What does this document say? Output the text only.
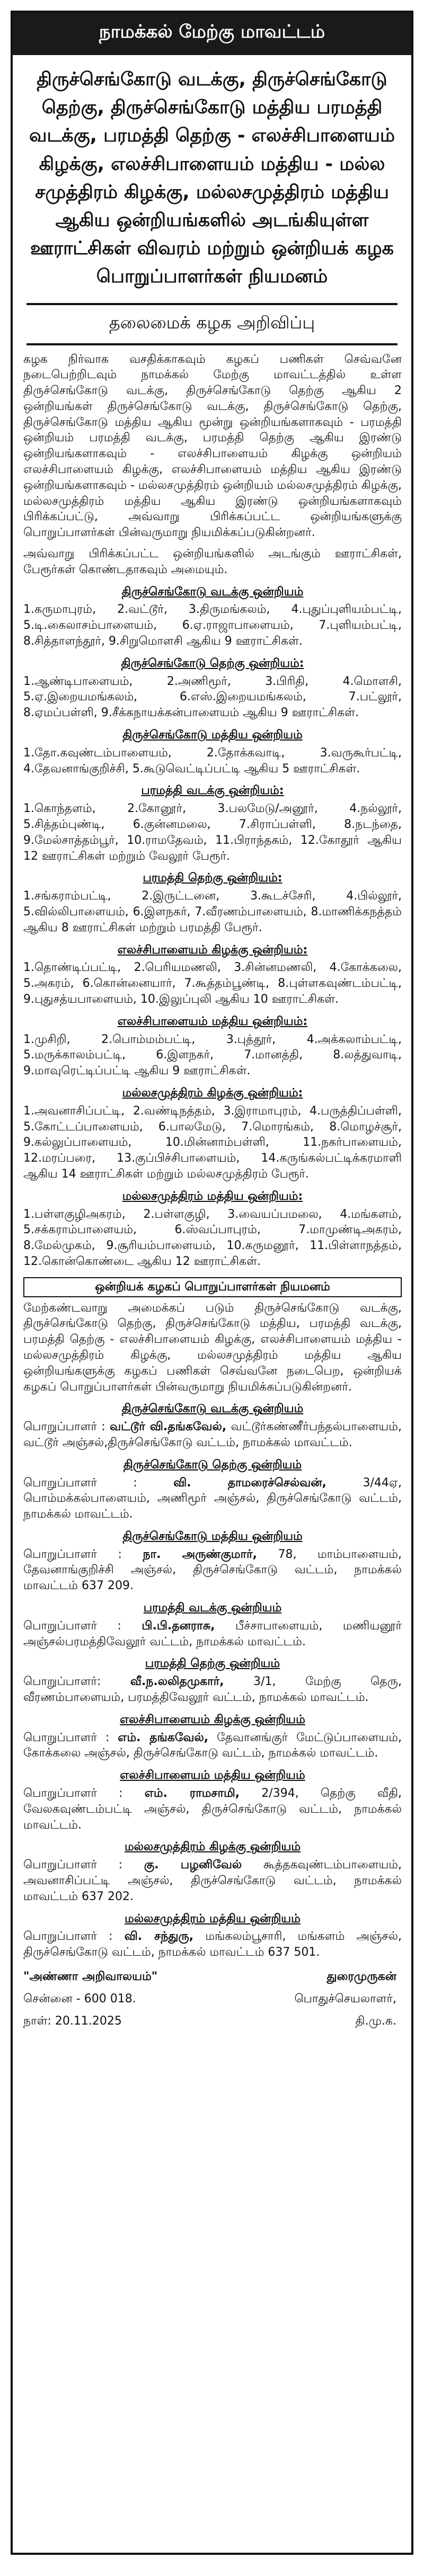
நாமக்கல் மேற்கு மாவட்டம்
திருச்செங்கோடு வடக்கு, திருச்செங்கோடு தெற்கு, திருச்செங்கோடு மத்திய பரமத்தி வடக்கு, பரமத்தி தெற்கு - எலச்சிபாளையம் கிழக்கு, எலச்சிபாளையம் மத்திய - மல்ல சமுத்திரம் கிழக்கு, மல்லசமுத்திரம் மத்திய ஆகிய ஒன்றியங்களில் அடங்கியுள்ள ஊராட்சிகள் விவரம் மற்றும் ஒன்றியக் கழக பொறுப்பாளர்கள் நியமனம்
தலைமைக் கழக அறிவிப்பு

கழக நிர்வாக வசதிக்காகவும் கழகப் பணிகள் செவ்வனே நடைபெற்றிடவும் நாமக்கல் மேற்கு மாவட்டத்தில் உள்ள திருச்செங்கோடு வடக்கு, திருச்செங்கோடு தெற்கு ஆகிய 2 ஒன்றியங்கள் திருச்செங்கோடு வடக்கு, திருச்செங்கோடு தெற்கு, திருச்செங்கோடு மத்திய ஆகிய மூன்று ஒன்றியங்களாகவும் - பரமத்தி ஒன்றியம் பரமத்தி வடக்கு, பரமத்தி தெற்கு ஆகிய இரண்டு ஒன்றியங்களாகவும் - எலச்சிபாளையம் கிழக்கு ஒன்றியம் எலச்சிபாளையம் கிழக்கு, எலச்சிபாளையம் மத்திய ஆகிய இரண்டு ஒன்றியங்களாகவும் - மல்லசமுத்திரம் ஒன்றியம் மல்லசமுத்திரம் கிழக்கு, மல்லசமுத்திரம் மத்திய ஆகிய இரண்டு ஒன்றியங்களாகவும் பிரிக்கப்பட்டு, அவ்வாறு பிரிக்கப்பட்ட ஒன்றியங்களுக்கு பொறுப்பாளர்கள் பின்வருமாறு நியமிக்கப்படுகின்றனர்.

அவ்வாறு பிரிக்கப்பட்ட ஒன்றியங்களில் அடங்கும் ஊராட்சிகள், பேரூர்கள் கொண்டதாகவும் அமையும்.

திருச்செங்கோடு வடக்கு ஒன்றியம்

1.கருமாபுரம், 2.வட்டூர், 3.திருமங்கலம், 4.புதுப்புளியம்பட்டி, 5.டி.கைலாசம்பாளையம், 6.ஏ.ராஜாபாளையம், 7.புளியம்பட்டி, 8.சித்தாளந்தூர், 9.சிறுமொளசி ஆகிய 9 ஊராட்சிகள்.

திருச்செங்கோடு தெற்கு ஒன்றியம்:

1.ஆண்டிபாளையம், 2.அணிமூர், 3.பிரிதி, 4.மொளசி, 5.ஏ.இறையமங்கலம், 6.எஸ்.இறையமங்கலம், 7.பட்லூர், 8.ஏமப்பள்ளி, 9.சீக்கநாயக்கன்பாளையம் ஆகிய 9 ஊராட்சிகள்.

திருச்செங்கோடு மத்திய ஒன்றியம்

1.தோ.கவுண்டம்பாளையம், 2.தோக்கவாடி, 3.வருகூர்பட்டி, 4.தேவனாங்குறிச்சி, 5.கூடுவெட்டிப்பட்டி ஆகிய 5 ஊராட்சிகள்.

பரமத்தி வடக்கு ஒன்றியம்:

1.கொந்தளம், 2.கோனூர், 3.பலமேடு/அனூர், 4.நல்லூர், 5.சித்தம்புண்டி, 6.குன்னமலை, 7.சிராப்பள்ளி, 8.நடந்தை, 9.மேல்சாத்தம்பூர், 10.ராமதேவம், 11.பிராந்தகம், 12.கோதூர் ஆகிய 12 ஊராட்சிகள் மற்றும் வேலூர் பேரூர்.

பரமத்தி தெற்கு ஒன்றியம்:

1.சங்கராம்பட்டி, 2.இருட்டனை, 3.கூடச்சேரி, 4.பில்லூர், 5.வில்லிபாளையம், 6.இளநகர், 7.வீரணம்பாளையம், 8.மாணிக்கநத்தம் ஆகிய 8 ஊராட்சிகள் மற்றும் பரமத்தி பேரூர்.

எலச்சிபாளையம் கிழக்கு ஒன்றியம்:

1.தொண்டிப்பட்டி, 2.பெரியமணலி, 3.சின்னமணலி, 4.கோக்கலை, 5.அகரம், 6.கொன்னையார், 7.கூத்தம்பூண்டி, 8.புள்ளகவுண்டம்பட்டி, 9.புதுசத்யபாளையம், 10.இலுப்புலி ஆகிய 10 ஊராட்சிகள்.

எலச்சிபாளையம் மத்திய ஒன்றியம்:

1.முசிறி, 2.பொம்மம்பட்டி, 3.புத்தூர், 4.அக்கலாம்பட்டி, 5.மருக்காலம்பட்டி, 6.இளநகர், 7.மானத்தி, 8.லத்துவாடி, 9.மாவுரெட்டிப்பட்டி ஆகிய 9 ஊராட்சிகள்.

மல்லசமுத்திரம் கிழக்கு ஒன்றியம்:

1.அவனாசிப்பட்டி, 2.வண்டிநத்தம், 3.இராமாபுரம், 4.பருத்திப்பள்ளி, 5.கோட்டப்பாளையம், 6.பாலமேடு, 7.மொரங்கம், 8.மொழச்சூர், 9.கல்லுப்பாளையம், 10.மின்னாம்பள்ளி, 11.நகர்பாளையம், 12.மரப்பரை, 13.குப்பிச்சிபாளையம், 14.கருங்கல்பட்டிக்கரமாளி ஆகிய 14 ஊராட்சிகள் மற்றும் மல்லசமுத்திரம் பேரூர்.

மல்லசமுத்திரம் மத்திய ஒன்றியம்:

1.பள்ளகுழிஅகரம், 2.பள்ளகுழி, 3.வையப்பமலை, 4.மங்களம், 5.சக்கராம்பாளையம், 6.ஸ்வப்பாபுரம், 7.மாமுண்டிஅகரம், 8.மேல்முகம், 9.சூரியம்பாளையம், 10.கருமனூர், 11.பிள்ளாநத்தம், 12.கொன்கொண்டை ஆகிய 12 ஊராட்சிகள்.

ஒன்றியக் கழகப் பொறுப்பாளர்கள் நியமனம்

மேற்கண்டவாறு அமைக்கப் படும் திருச்செங்கோடு வடக்கு, திருச்செங்கோடு தெற்கு, திருச்செங்கோடு மத்திய, பரமத்தி வடக்கு, பரமத்தி தெற்கு - எலச்சிபாளையம் கிழக்கு, எலச்சிபாளையம் மத்திய - மல்லசமுத்திரம் கிழக்கு, மல்லசமுத்திரம் மத்திய ஆகிய ஒன்றியங்களுக்கு கழகப் பணிகள் செவ்வனே நடைபெற, ஒன்றியக் கழகப் பொறுப்பாளர்கள் பின்வருமாறு நியமிக்கப்படுகின்றனர்.

திருச்செங்கோடு வடக்கு ஒன்றியம்

பொறுப்பாளர் : வட்டூர் வி.தங்கவேல், வட்டூர்கண்ணீர்பந்தல்பாளையம், வட்டூர் அஞ்சல்,திருச்செங்கோடு வட்டம், நாமக்கல் மாவட்டம்.

திருச்செங்கோடு தெற்கு ஒன்றியம்

பொறுப்பாளர் : வி. தாமரைச்செல்வன்,	3/44ஏ, பொம்மக்கல்பாளையம், அணிமூர் அஞ்சல், திருச்செங்கோடு வட்டம், நாமக்கல் மாவட்டம்.

திருச்செங்கோடு மத்திய ஒன்றியம்

பொறுப்பாளர் : நா. அருண்குமார், 78, மாம்பாளையம், தேவனாங்குறிச்சி அஞ்சல், திருச்செங்கோடு வட்டம், நாமக்கல் மாவட்டம் 637 209.

பரமத்தி வடக்கு ஒன்றியம்

பொறுப்பாளர் : பி.பி.தனராசு, பீச்சாபாளையம், மணியனூர் அஞ்சல்பரமத்திவேலூர் வட்டம், நாமக்கல் மாவட்டம்.

பரமத்தி தெற்கு ஒன்றியம்

பொறுப்பாளர்: வீ.ந.லலிதமுகார்,	3/1, மேற்கு தெரு, வீரணம்பாளையம், பரமத்திவேலூர் வட்டம், நாமக்கல் மாவட்டம்.

எலச்சிபாளையம் கிழக்கு ஒன்றியம்

பொறுப்பாளர் : எம். தங்கவேல், தேவானங்குர் மேட்டுப்பாளையம், கோக்கலை அஞ்சல், திருச்செங்கோடு வட்டம், நாமக்கல் மாவட்டம்.

எலச்சிபாளையம் மத்திய ஒன்றியம்

பொறுப்பாளர் : எம். ராமசாமி, 2/394, தெற்கு வீதி, வேலகவுண்டம்பட்டி அஞ்சல், திருச்செங்கோடு வட்டம், நாமக்கல் மாவட்டம்.

மல்லசமுத்திரம் கிழக்கு ஒன்றியம்

பொறுப்பாளர் : கு. பழனிவேல் கூத்தகவுண்டம்பாளையம், அவனாசிப்பட்டி அஞ்சல், திருச்செங்கோடு வட்டம், நாமக்கல் மாவட்டம் 637 202.

மல்லசமுத்திரம் மத்திய ஒன்றியம்

பொறுப்பாளர் : வி. சந்துரு, மங்கலம்பூசாரி, மங்களம் அஞ்சல், திருச்செங்கோடு வட்டம், நாமக்கல் மாவட்டம் 637 501.

"அண்ணா அறிவாலயம்"	துரைமுருகன்
சென்னை - 600 018.	பொதுச்செயலாளர்,
நாள்: 20.11.2025	தி.மு.க.
